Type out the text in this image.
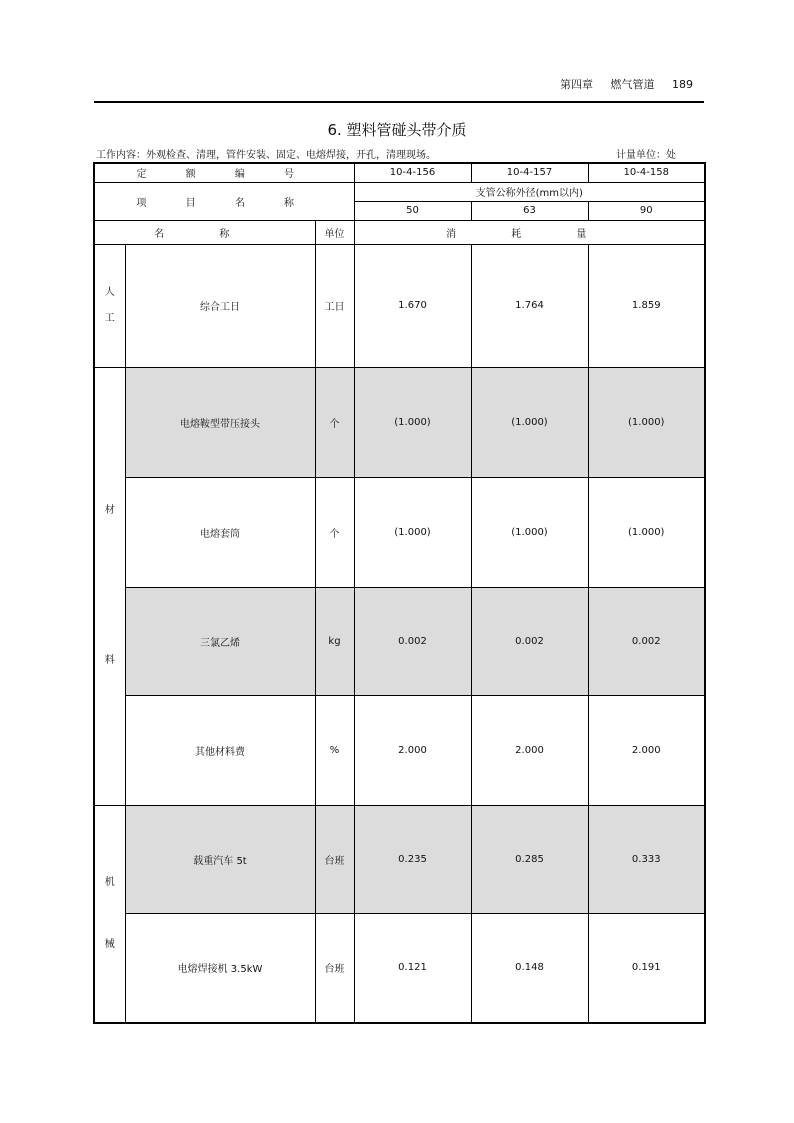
第四章 燃气管道 189
6. 塑料管碰头带介质
工作内容：外观检查、清理，管件安装、固定、电熔焊接，开孔，清理现场。	计量单位：处
定 额 编 号			10-4-156	10-4-157	10-4-158
项 目 名 称			支管公称外径(mm以内)		
			50	63	90
名 称		单位	消 耗 量		

人
工	综合工日	工日	1.670	1.764	1.859

材
料	电熔鞍型带压接头	个	(1.000)	(1.000)	(1.000)
	电熔套筒	个	(1.000)	(1.000)	(1.000)
	三氯乙烯	kg	0.002	0.002	0.002
	其他材料费	%	2.000	2.000	2.000

机
械	载重汽车 5t	台班	0.235	0.285	0.333
	电熔焊接机 3.5kW	台班	0.121	0.148	0.191
